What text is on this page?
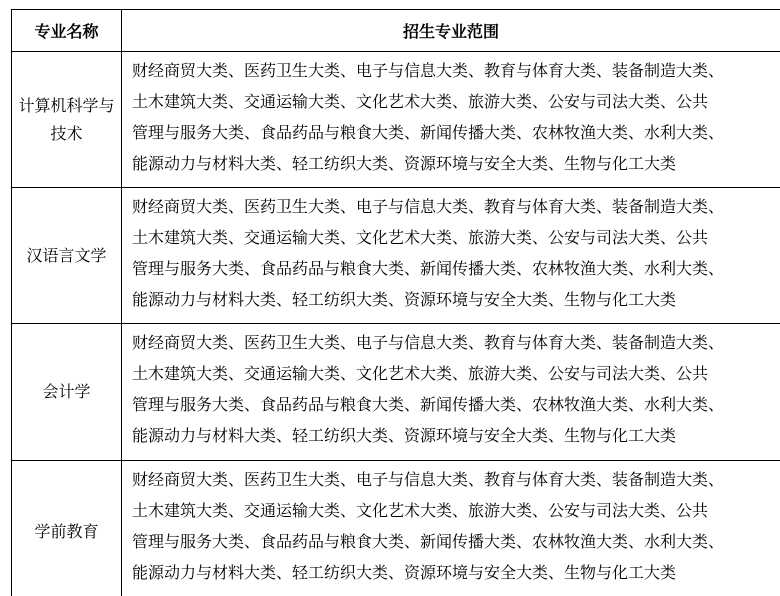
专业名称	招生专业范围
计算机科学与技术	财经商贸大类、医药卫生大类、电子与信息大类、教育与体育大类、装备制造大类、
土木建筑大类、交通运输大类、文化艺术大类、旅游大类、公安与司法大类、公共
管理与服务大类、食品药品与粮食大类、新闻传播大类、农林牧渔大类、水利大类、
能源动力与材料大类、轻工纺织大类、资源环境与安全大类、生物与化工大类

汉语言文学	财经商贸大类、医药卫生大类、电子与信息大类、教育与体育大类、装备制造大类、
土木建筑大类、交通运输大类、文化艺术大类、旅游大类、公安与司法大类、公共
管理与服务大类、食品药品与粮食大类、新闻传播大类、农林牧渔大类、水利大类、
能源动力与材料大类、轻工纺织大类、资源环境与安全大类、生物与化工大类

会计学	财经商贸大类、医药卫生大类、电子与信息大类、教育与体育大类、装备制造大类、
土木建筑大类、交通运输大类、文化艺术大类、旅游大类、公安与司法大类、公共
管理与服务大类、食品药品与粮食大类、新闻传播大类、农林牧渔大类、水利大类、
能源动力与材料大类、轻工纺织大类、资源环境与安全大类、生物与化工大类

学前教育	财经商贸大类、医药卫生大类、电子与信息大类、教育与体育大类、装备制造大类、
土木建筑大类、交通运输大类、文化艺术大类、旅游大类、公安与司法大类、公共
管理与服务大类、食品药品与粮食大类、新闻传播大类、农林牧渔大类、水利大类、
能源动力与材料大类、轻工纺织大类、资源环境与安全大类、生物与化工大类
